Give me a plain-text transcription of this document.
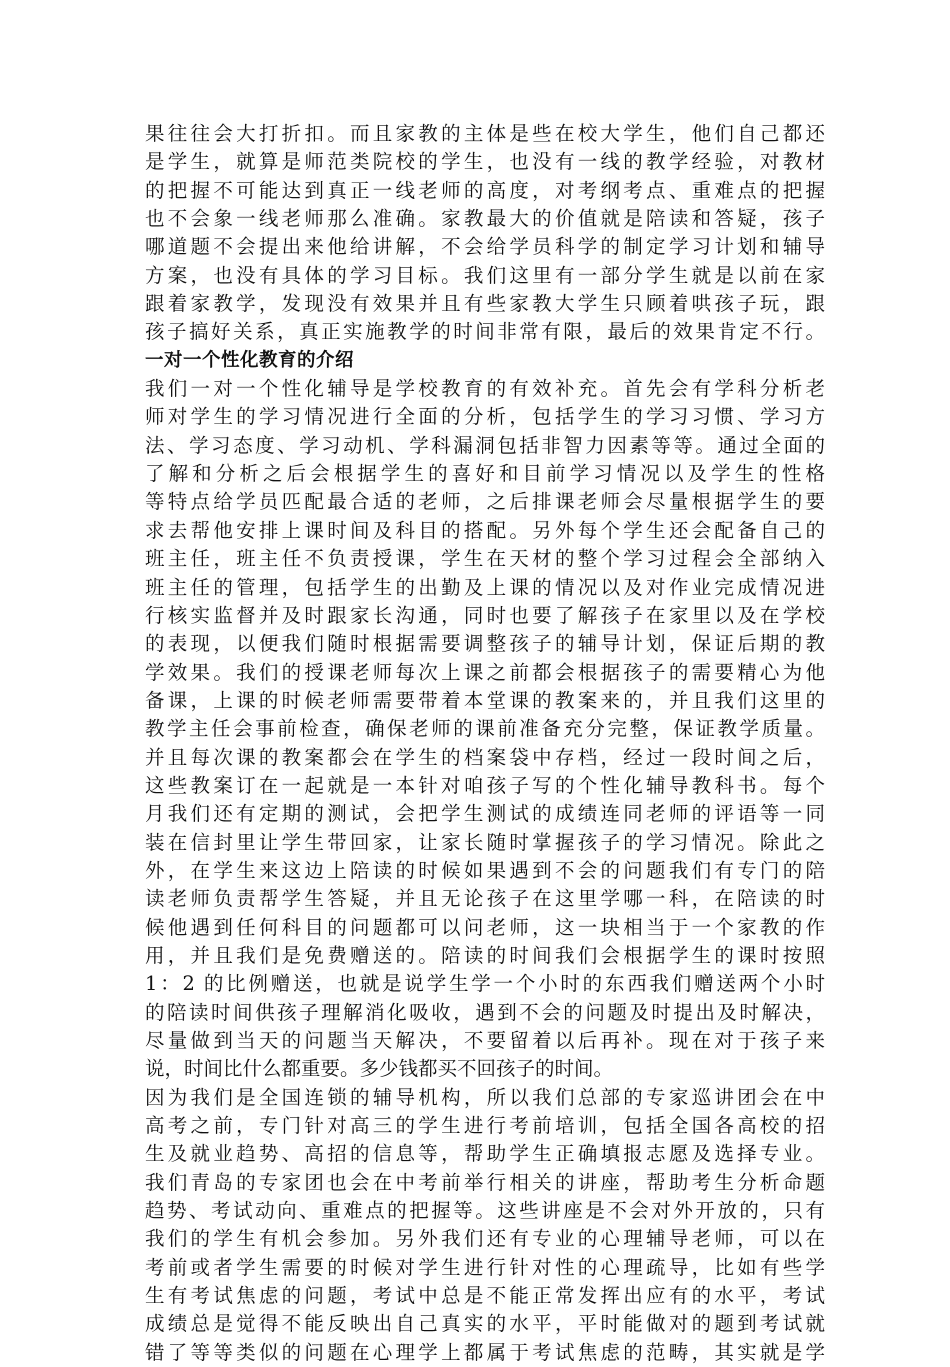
果往往会大打折扣。而且家教的主体是些在校大学生，他们自己都还
是学生，就算是师范类院校的学生，也没有一线的教学经验，对教材
的把握不可能达到真正一线老师的高度，对考纲考点、重难点的把握
也不会象一线老师那么准确。家教最大的价值就是陪读和答疑，孩子
哪道题不会提出来他给讲解，不会给学员科学的制定学习计划和辅导
方案，也没有具体的学习目标。我们这里有一部分学生就是以前在家
跟着家教学，发现没有效果并且有些家教大学生只顾着哄孩子玩，跟
孩子搞好关系，真正实施教学的时间非常有限，最后的效果肯定不行。
一对一个性化教育的介绍
我们一对一个性化辅导是学校教育的有效补充。首先会有学科分析老
师对学生的学习情况进行全面的分析，包括学生的学习习惯、学习方
法、学习态度、学习动机、学科漏洞包括非智力因素等等。通过全面的
了解和分析之后会根据学生的喜好和目前学习情况以及学生的性格
等特点给学员匹配最合适的老师，之后排课老师会尽量根据学生的要
求去帮他安排上课时间及科目的搭配。另外每个学生还会配备自己的
班主任，班主任不负责授课，学生在天材的整个学习过程会全部纳入
班主任的管理，包括学生的出勤及上课的情况以及对作业完成情况进
行核实监督并及时跟家长沟通，同时也要了解孩子在家里以及在学校
的表现，以便我们随时根据需要调整孩子的辅导计划，保证后期的教
学效果。我们的授课老师每次上课之前都会根据孩子的需要精心为他
备课，上课的时候老师需要带着本堂课的教案来的，并且我们这里的
教学主任会事前检查，确保老师的课前准备充分完整，保证教学质量。
并且每次课的教案都会在学生的档案袋中存档，经过一段时间之后，
这些教案订在一起就是一本针对咱孩子写的个性化辅导教科书。每个
月我们还有定期的测试，会把学生测试的成绩连同老师的评语等一同
装在信封里让学生带回家，让家长随时掌握孩子的学习情况。除此之
外，在学生来这边上陪读的时候如果遇到不会的问题我们有专门的陪
读老师负责帮学生答疑，并且无论孩子在这里学哪一科，在陪读的时
候他遇到任何科目的问题都可以问老师，这一块相当于一个家教的作
用，并且我们是免费赠送的。陪读的时间我们会根据学生的课时按照
1：2 的比例赠送，也就是说学生学一个小时的东西我们赠送两个小时
的陪读时间供孩子理解消化吸收，遇到不会的问题及时提出及时解决，
尽量做到当天的问题当天解决，不要留着以后再补。现在对于孩子来
说，时间比什么都重要。多少钱都买不回孩子的时间。
因为我们是全国连锁的辅导机构，所以我们总部的专家巡讲团会在中
高考之前，专门针对高三的学生进行考前培训，包括全国各高校的招
生及就业趋势、高招的信息等，帮助学生正确填报志愿及选择专业。
我们青岛的专家团也会在中考前举行相关的讲座，帮助考生分析命题
趋势、考试动向、重难点的把握等。这些讲座是不会对外开放的，只有
我们的学生有机会参加。另外我们还有专业的心理辅导老师，可以在
考前或者学生需要的时候对学生进行针对性的心理疏导，比如有些学
生有考试焦虑的问题，考试中总是不能正常发挥出应有的水平，考试
成绩总是觉得不能反映出自己真实的水平，平时能做对的题到考试就
错了等等类似的问题在心理学上都属于考试焦虑的范畴，其实就是学
